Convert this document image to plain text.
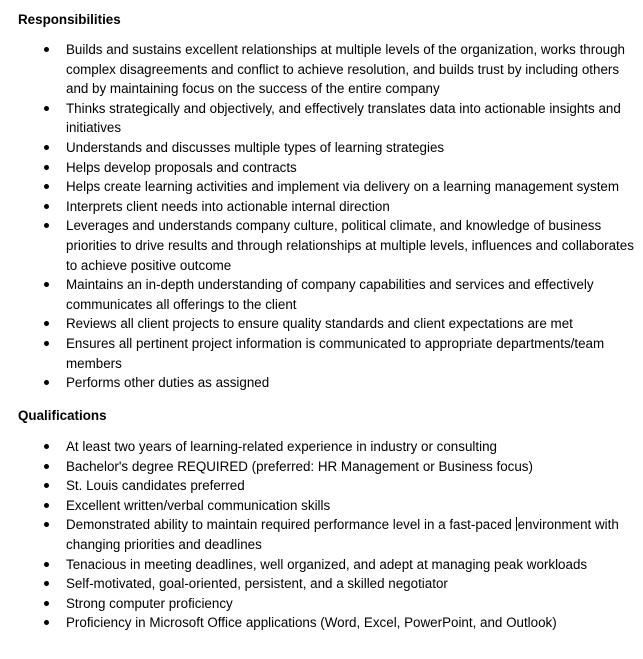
Responsibilities
Builds and sustains excellent relationships at multiple levels of the organization, works through complex disagreements and conflict to achieve resolution, and builds trust by including others and by maintaining focus on the success of the entire company
Thinks strategically and objectively, and effectively translates data into actionable insights and initiatives
Understands and discusses multiple types of learning strategies
Helps develop proposals and contracts
Helps create learning activities and implement via delivery on a learning management system
Interprets client needs into actionable internal direction
Leverages and understands company culture, political climate, and knowledge of business priorities to drive results and through relationships at multiple levels, influences and collaborates to achieve positive outcome
Maintains an in-depth understanding of company capabilities and services and effectively communicates all offerings to the client
Reviews all client projects to ensure quality standards and client expectations are met
Ensures all pertinent project information is communicated to appropriate departments/team members
Performs other duties as assigned
Qualifications
At least two years of learning-related experience in industry or consulting
Bachelor's degree REQUIRED (preferred: HR Management or Business focus)
St. Louis candidates preferred
Excellent written/verbal communication skills
Demonstrated ability to maintain required performance level in a fast-paced environment with changing priorities and deadlines
Tenacious in meeting deadlines, well organized, and adept at managing peak workloads
Self-motivated, goal-oriented, persistent, and a skilled negotiator
Strong computer proficiency
Proficiency in Microsoft Office applications (Word, Excel, PowerPoint, and Outlook)
